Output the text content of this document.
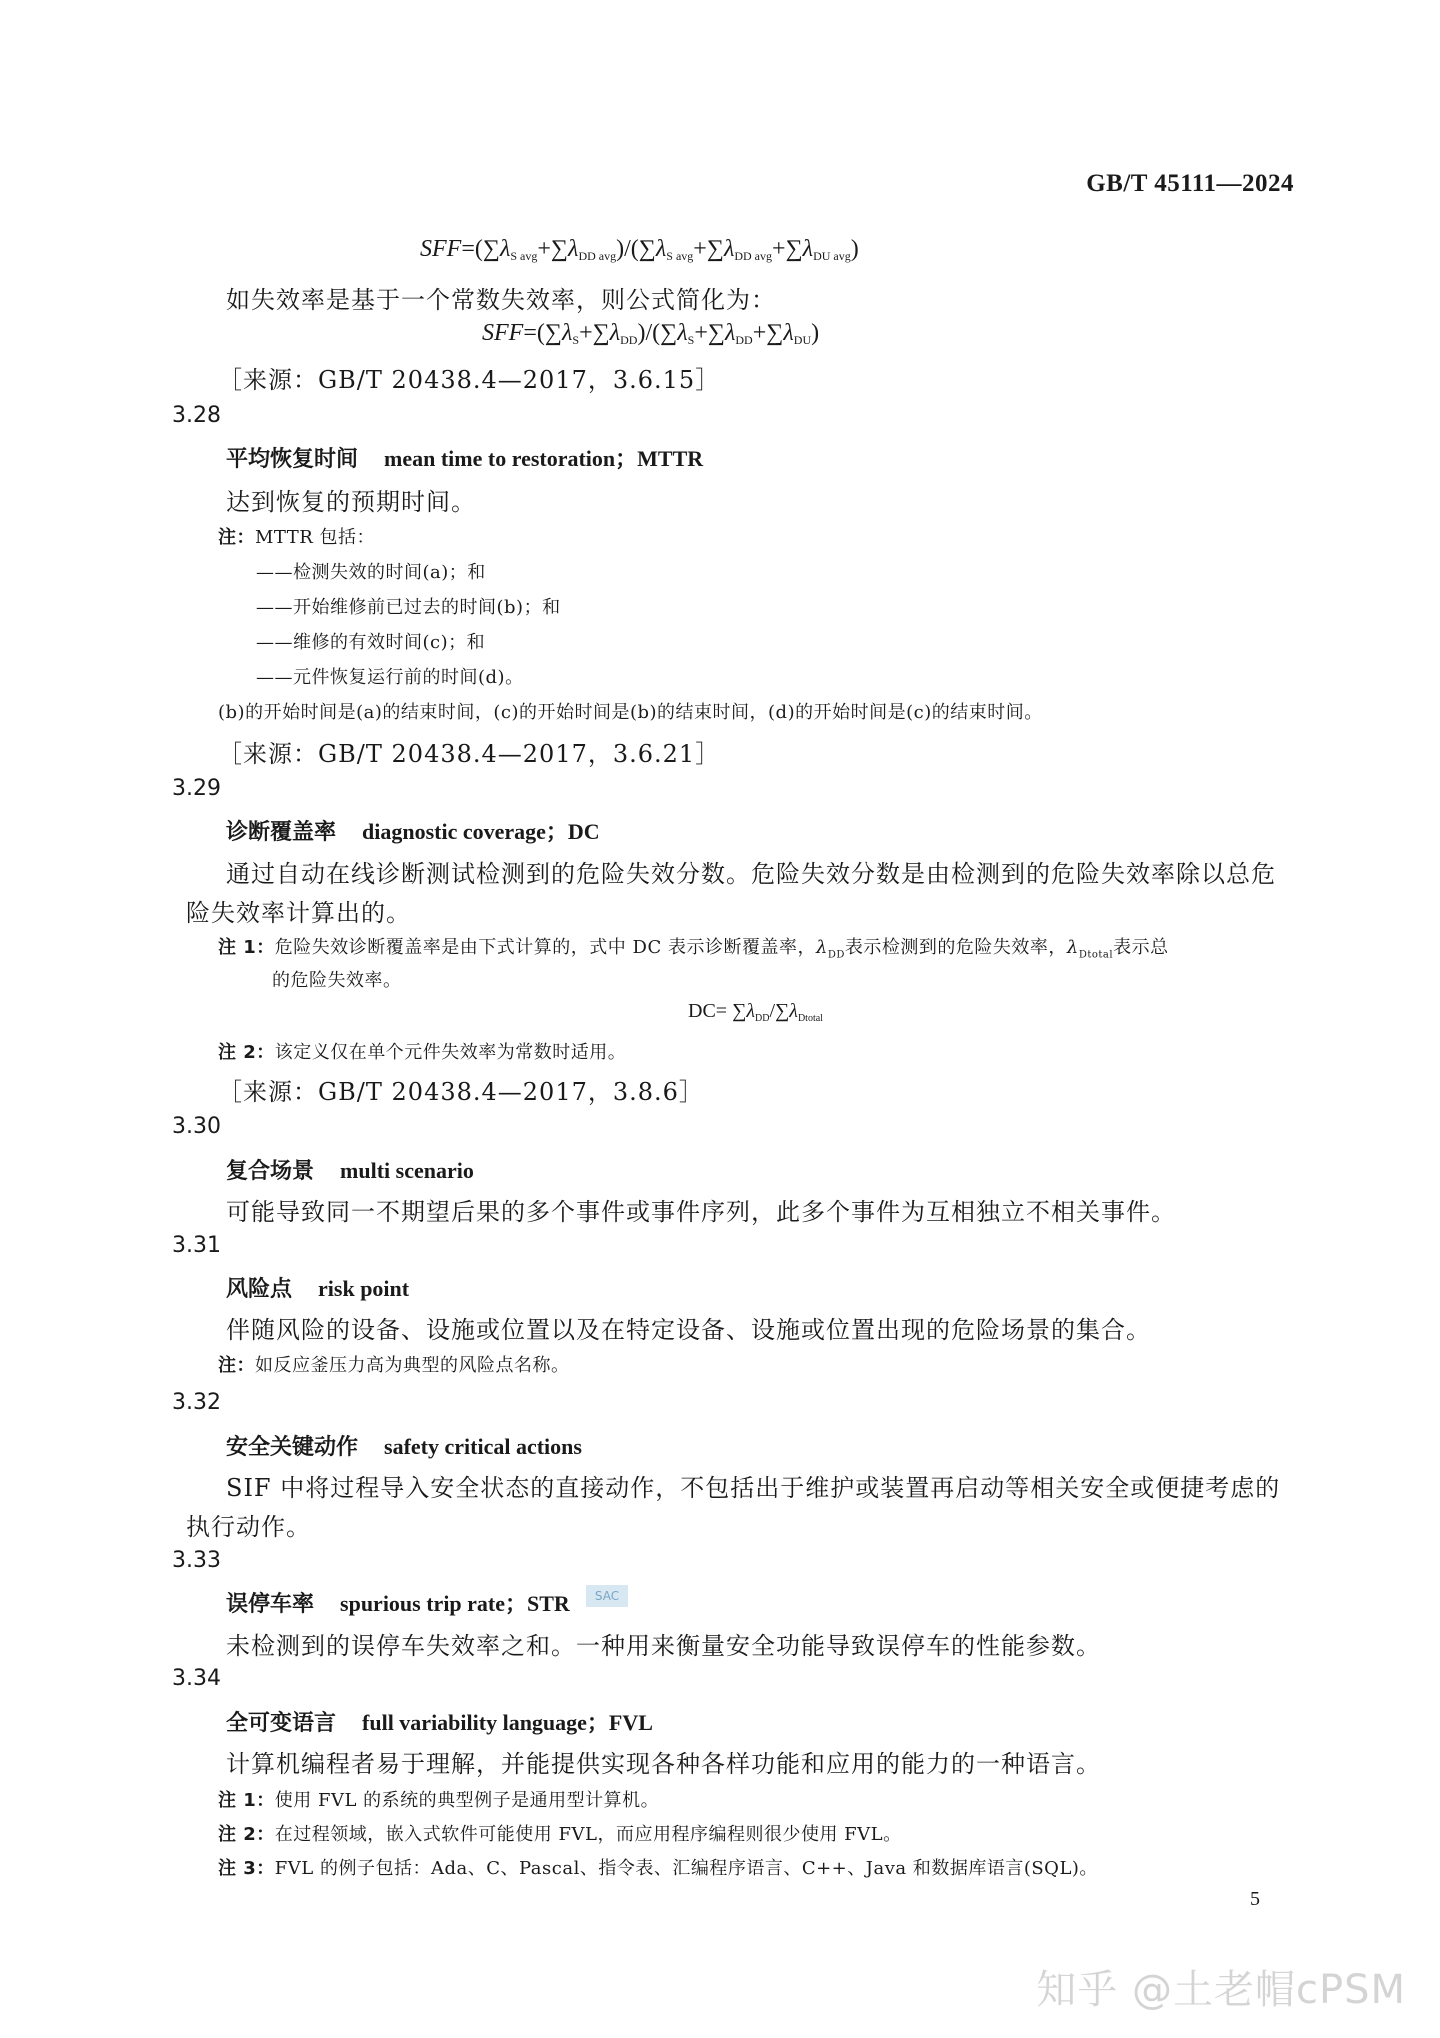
GB/T 45111—2024
$SFF=(\sum\lambda_{S avg}+\sum\lambda_{DD avg})/(\sum\lambda_{S avg}+\sum\lambda_{DD avg}+\sum\lambda_{DU avg})$
如失效率是基于一个常数失效率，则公式简化为：
$SFF=(\sum\lambda_S+\sum\lambda_{DD})/(\sum\lambda_S+\sum\lambda_{DD}+\sum\lambda_{DU})$
［来源：GB/T 20438.4—2017，3.6.15］
3.28
平均恢复时间 mean time to restoration；MTTR
达到恢复的预期时间。
注：MTTR 包括：
——检测失效的时间(a)；和
——开始维修前已过去的时间(b)；和
——维修的有效时间(c)；和
——元件恢复运行前的时间(d)。
(b)的开始时间是(a)的结束时间，(c)的开始时间是(b)的结束时间，(d)的开始时间是(c)的结束时间。
［来源：GB/T 20438.4—2017，3.6.21］
3.29
诊断覆盖率 diagnostic coverage；DC
通过自动在线诊断测试检测到的危险失效分数。危险失效分数是由检测到的危险失效率除以总危
险失效率计算出的。
注 1：危险失效诊断覆盖率是由下式计算的，式中 DC 表示诊断覆盖率，$\lambda_{DD}$表示检测到的危险失效率，$\lambda_{Dtotal}$表示总
的危险失效率。
$DC= \sum\lambda_{DD}/\sum\lambda_{Dtotal}$
注 2：该定义仅在单个元件失效率为常数时适用。
［来源：GB/T 20438.4—2017，3.8.6］
3.30
复合场景 multi scenario
可能导致同一不期望后果的多个事件或事件序列，此多个事件为互相独立不相关事件。
3.31
风险点 risk point
伴随风险的设备、设施或位置以及在特定设备、设施或位置出现的危险场景的集合。
注：如反应釜压力高为典型的风险点名称。
3.32
安全关键动作 safety critical actions
SIF 中将过程导入安全状态的直接动作，不包括出于维护或装置再启动等相关安全或便捷考虑的
执行动作。
3.33
误停车率 spurious trip rate；STR	SAC
未检测到的误停车失效率之和。一种用来衡量安全功能导致误停车的性能参数。
3.34
全可变语言 full variability language；FVL
计算机编程者易于理解，并能提供实现各种各样功能和应用的能力的一种语言。
注 1：使用 FVL 的系统的典型例子是通用型计算机。
注 2：在过程领域，嵌入式软件可能使用 FVL，而应用程序编程则很少使用 FVL。
注 3：FVL 的例子包括：Ada、C、Pascal、指令表、汇编程序语言、C++、Java 和数据库语言(SQL)。
5
知乎 @土老帽cPSM
